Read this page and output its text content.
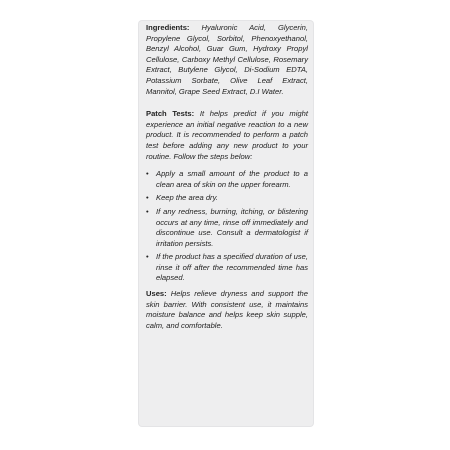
Ingredients: Hyaluronic Acid, Glycerin, Propylene Glycol, Sorbitol, Phenoxyethanol, Benzyl Alcohol, Guar Gum, Hydroxy Propyl Cellulose, Carboxy Methyl Cellulose, Rosemary Extract, Butylene Glycol, Di-Sodium EDTA, Potassium Sorbate, Olive Leaf Extract, Mannitol, Grape Seed Extract, D.I Water.

Patch Tests: It helps predict if you might experience an initial negative reaction to a new product. It is recommended to perform a patch test before adding any new product to your routine. Follow the steps below:

• Apply a small amount of the product to a clean area of skin on the upper forearm.
• Keep the area dry.
• If any redness, burning, itching, or blistering occurs at any time, rinse off immediately and discontinue use. Consult a dermatologist if irritation persists.
• If the product has a specified duration of use, rinse it off after the recommended time has elapsed.

Uses: Helps relieve dryness and support the skin barrier. With consistent use, it maintains moisture balance and helps keep skin supple, calm, and comfortable.
